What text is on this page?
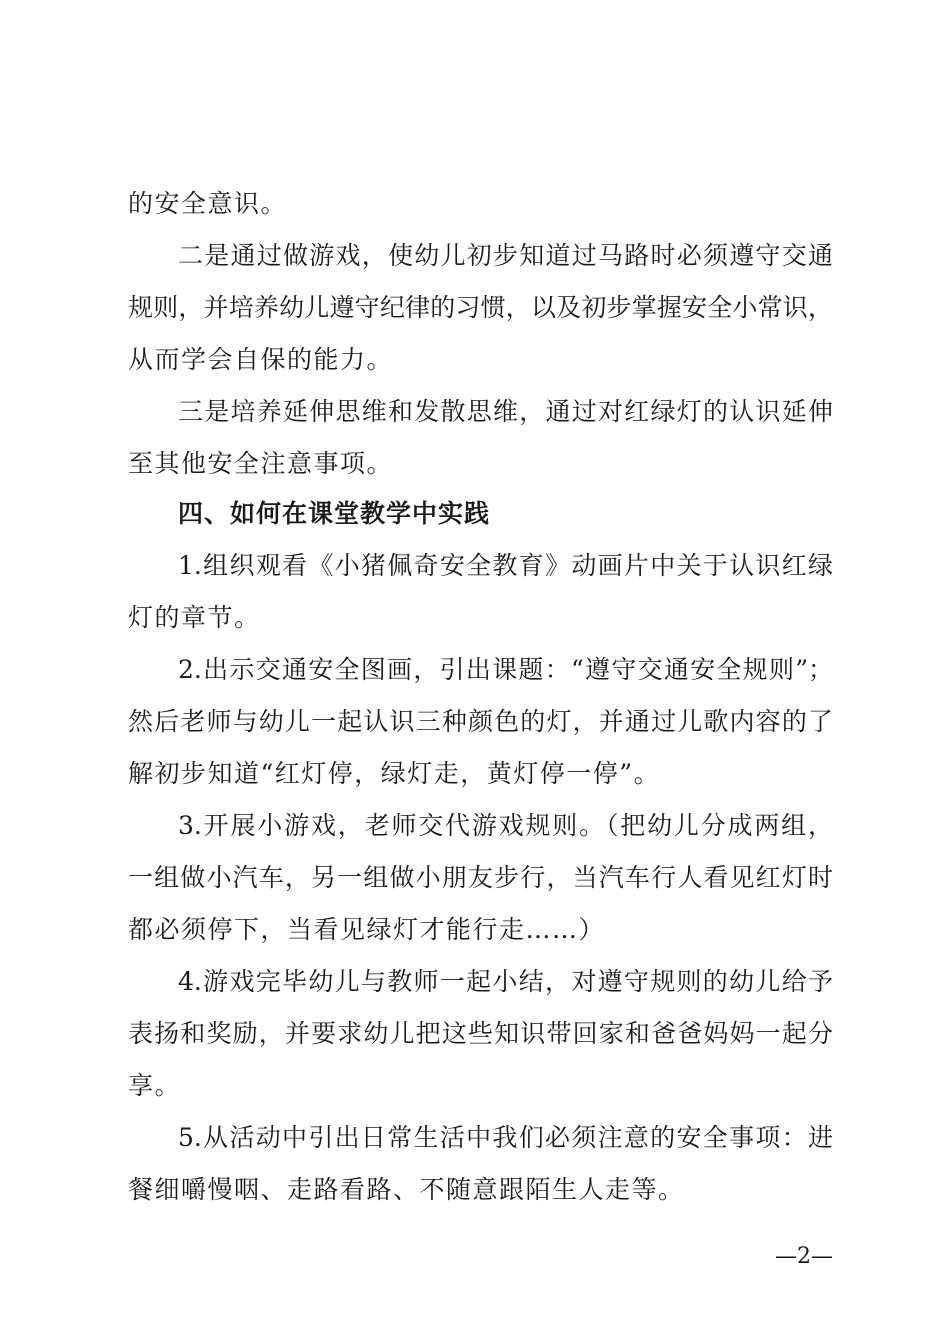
的安全意识。
二是通过做游戏，使幼儿初步知道过马路时必须遵守交通
规则，并培养幼儿遵守纪律的习惯，以及初步掌握安全小常识，
从而学会自保的能力。
三是培养延伸思维和发散思维，通过对红绿灯的认识延伸
至其他安全注意事项。
四、如何在课堂教学中实践
1.组织观看《小猪佩奇安全教育》动画片中关于认识红绿
灯的章节。
2.出示交通安全图画，引出课题：“遵守交通安全规则”；
然后老师与幼儿一起认识三种颜色的灯，并通过儿歌内容的了
解初步知道“红灯停，绿灯走，黄灯停一停”。
3.开展小游戏，老师交代游戏规则。（把幼儿分成两组，
一组做小汽车，另一组做小朋友步行，当汽车行人看见红灯时
都必须停下，当看见绿灯才能行走……）
4.游戏完毕幼儿与教师一起小结，对遵守规则的幼儿给予
表扬和奖励，并要求幼儿把这些知识带回家和爸爸妈妈一起分
享。
5.从活动中引出日常生活中我们必须注意的安全事项：进
餐细嚼慢咽、走路看路、不随意跟陌生人走等。
—2—
